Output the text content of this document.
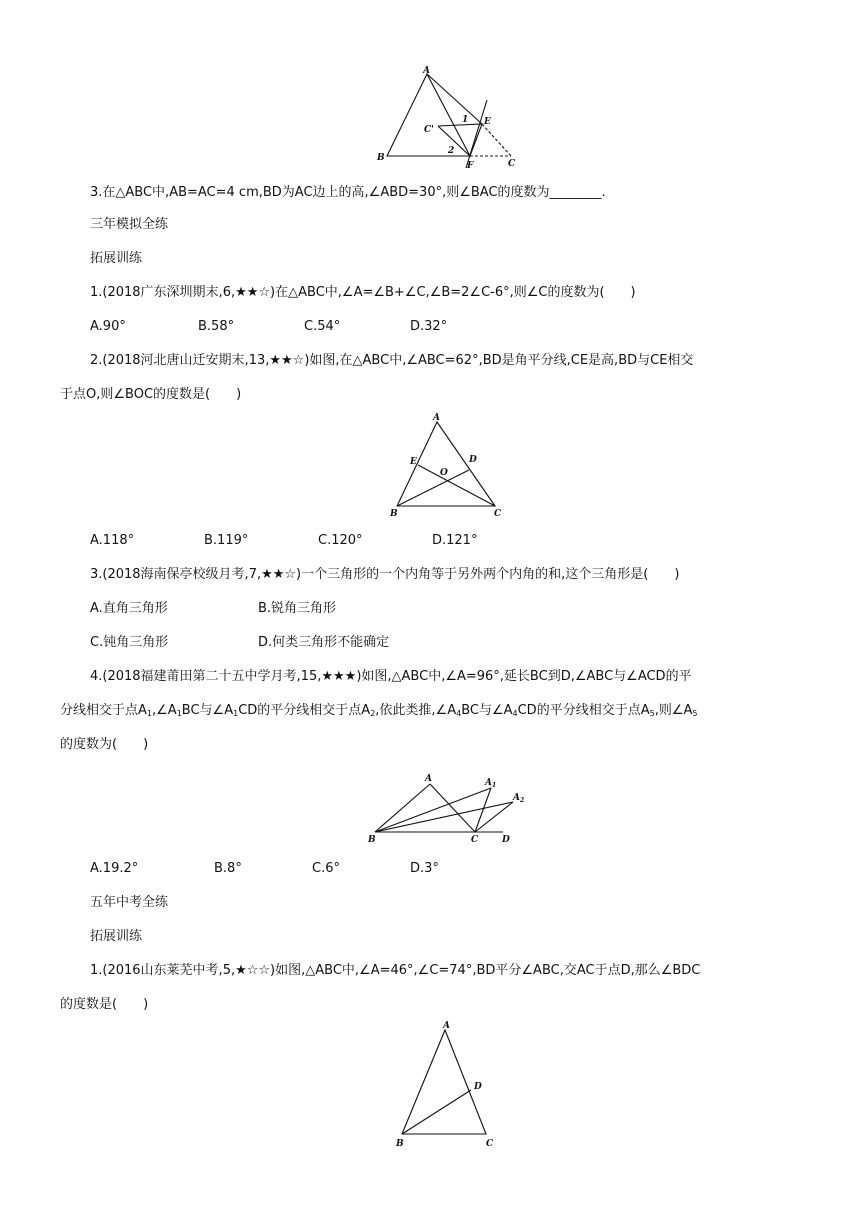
A
C'
1 E
B
2
F	C
3.在△ABC中,AB=AC=4 cm,BD为AC边上的高,∠ABD=30°,则∠BAC的度数为________.
三年模拟全练
拓展训练
1.(2018广东深圳期末,6,★★☆)在△ABC中,∠A=∠B+∠C,∠B=2∠C-6°,则∠C的度数为(　　)
A.90°	B.58°	C.54°	D.32°
2.(2018河北唐山迁安期末,13,★★☆)如图,在△ABC中,∠ABC=62°,BD是角平分线,CE是高,BD与CE相交
于点O,则∠BOC的度数是(　　)
A
E	D
O
B	C
A.118°	B.119°	C.120°	D.121°
3.(2018海南保亭校级月考,7,★★☆)一个三角形的一个内角等于另外两个内角的和,这个三角形是(　　)
A.直角三角形	B.锐角三角形
C.钝角三角形	D.何类三角形不能确定
4.(2018福建莆田第二十五中学月考,15,★★★)如图,△ABC中,∠A=96°,延长BC到D,∠ABC与∠ACD的平
分线相交于点$A_1,\angle A_1BC$与$\angle A_1CD$的平分线相交于点$A_2$,依此类推$,\angle A_4BC$与$\angle A_4CD$的平分线相交于点$A_5$,则$\angle A_5$
的度数为(　　)
A	$A_1$
$A_2$
B	C	D
A.19.2°	B.8°	C.6°	D.3°
五年中考全练
拓展训练
1.(2016山东莱芜中考,5,★☆☆)如图,△ABC中,∠A=46°,∠C=74°,BD平分∠ABC,交AC于点D,那么∠BDC
的度数是(　　)
A
D
B	C
